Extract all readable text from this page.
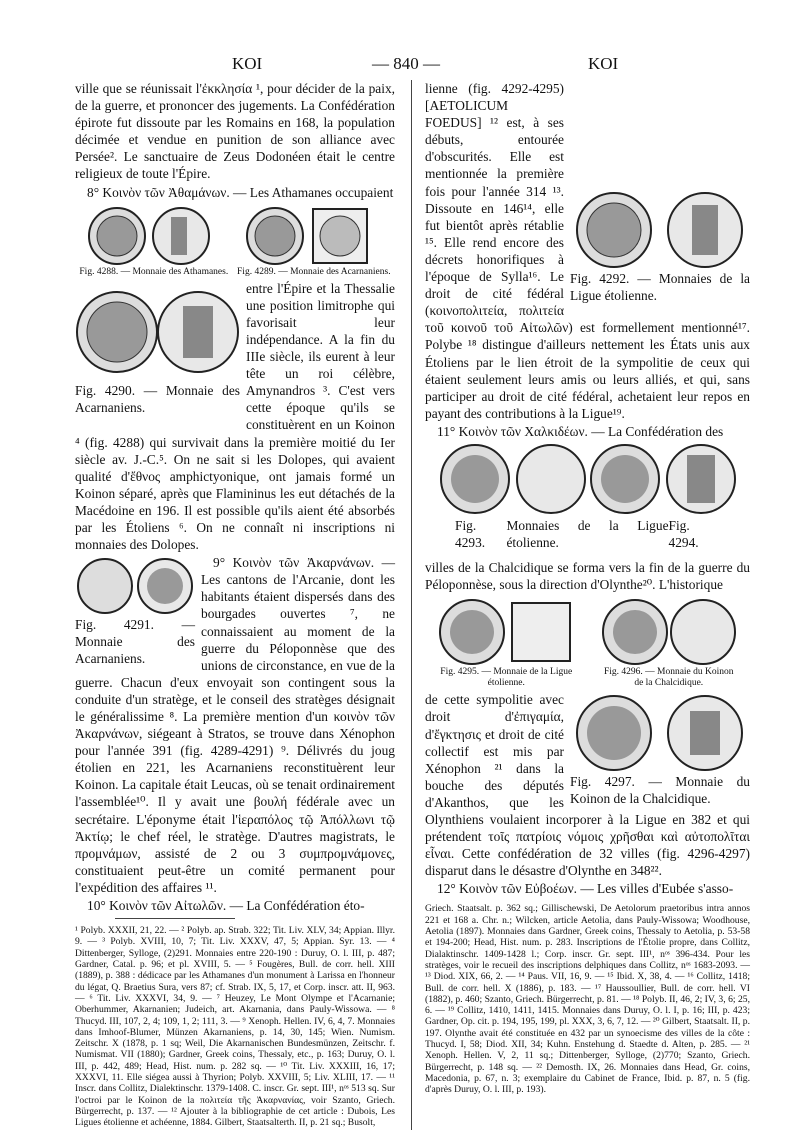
KOI	— 840 —	KOI

ville que se réunissait l'ἐκκλησία ¹, pour décider de la paix, de la guerre, et prononcer des jugements. La Confédération épirote fut dissoute par les Romains en 168, la population décimée et vendue en punition de son alliance avec Persée². Le sanctuaire de Zeus Dodonéen était le centre religieux de toute l'Épire.

8° Κοινὸν τῶν Ἀθαμάνων. — Les Athamanes occupaient

Fig. 4288. — Monnaie des Athamanes. Fig. 4289. — Monnaie des Acarnaniens.
Fig. 4290. — Monnaie des Acarnaniens.

entre l'Épire et la Thessalie une position limitrophe qui favorisait leur indépendance. A la fin du IIIe siècle, ils eurent à leur tête un roi célèbre, Amynandros ³. C'est vers cette époque qu'ils se constituèrent en un Koinon ⁴ (fig. 4288) qui survivait dans la première moitié du Ier siècle av. J.-C.⁵. On ne sait si les Dolopes, qui avaient qualité d'ἔθνος amphictyonique, ont jamais formé un Koinon séparé, après que Flamininus les eut détachés de la Macédoine en 196. Il est possible qu'ils aient été absorbés par les Étoliens ⁶. On ne connaît ni inscriptions ni monnaies des Dolopes.

Fig. 4291. — Monnaie des Acarnaniens.

9° Κοινὸν τῶν Ἀκαρνάνων. — Les cantons de l'Arcanie, dont les habitants étaient dispersés dans des bourgades ouvertes ⁷, ne connaissaient au moment de la guerre du Péloponnèse que des unions de circonstance, en vue de la guerre. Chacun d'eux envoyait son contingent sous la conduite d'un stratège, et le conseil des stratèges désignait le généralissime ⁸. La première mention d'un κοινὸν τῶν Ἀκαρνάνων, siégeant à Stratos, se trouve dans Xénophon pour l'année 391 (fig. 4289-4291) ⁹. Délivrés du joug étolien en 221, les Acarnaniens reconstituèrent leur Koinon. La capitale était Leucas, où se tenait ordinairement l'assemblée¹⁰. Il y avait une βουλή fédérale avec un secrétaire. L'éponyme était l'ἱεραπόλος τῷ Ἀπόλλωνι τῷ Ἀκτίῳ; le chef réel, le stratège. D'autres magistrats, le προμνάμων, assisté de 2 ou 3 συμπρομνάμονες, constituaient peut-être un comité permanent pour l'expédition des affaires ¹¹.

10° Κοινὸν τῶν Αἰτωλῶν. — La Confédération éto-

¹ Polyb. XXXII, 21, 22. — ² Polyb. ap. Strab. 322; Tit. Liv. XLV, 34; Appian. Illyr. 9. — ³ Polyb. XVIII, 10, 7; Tit. Liv. XXXV, 47, 5; Appian. Syr. 13. — ⁴ Dittenberger, Sylloge, (2)291. Monnaies entre 220-190 : Duruy, O. l. III, p. 487; Gardner, Catal. p. 96; et pl. XVIII, 5. — ⁵ Fougères, Bull. de corr. hell. XIII (1889), p. 388 : dédicace par les Athamanes d'un monument à Larissa en l'honneur du légat, Q. Braetius Sura, vers 87; cf. Strab. IX, 5, 17, et Corp. inscr. att. II, 963. — ⁶ Tit. Liv. XXXVI, 34, 9. — ⁷ Heuzey, Le Mont Olympe et l'Acarnanie; Oberhummer, Akarnanien; Judeich, art. Akarnania, dans Pauly-Wissowa. — ⁸ Thucyd. III, 107, 2, 4; 109, 1, 2; 111, 3. — ⁹ Xenoph. Hellen. IV, 6, 4, 7. Monnaies dans Imhoof-Blumer, Münzen Akarnaniens, p. 14, 30, 145; Wien. Numism. Zeitschr. X (1878, p. 1 sq; Weil, Die Akarnanischen Bundesmünzen, Zeitschr. f. Numismat. VII (1880); Gardner, Greek coins, Thessaly, etc., p. 163; Duruy, O. l. III, p. 442, 489; Head, Hist. num. p. 282 sq. — ¹⁰ Tit. Liv. XXXIII, 16, 17; XXXVI, 11. Elle siégea aussi à Thyrion; Polyb. XXVIII, 5; Liv. XLIII, 17. — ¹¹ Inscr. dans Collitz, Dialektinschr. 1379-1408. C. inscr. Gr. sept. III¹, nᵒˢ 513 sq. Sur l'octroi par le Koinon de la πολιτεία τῆς Ἀκαρνανίας, voir Szanto, Griech. Bürgerrecht, p. 137. — ¹² Ajouter à la bibliographie de cet article : Dubois, Les Ligues étolienne et achéenne, 1884. Gilbert, Staatsalterth. II, p. 21 sq.; Busolt,

Fig. 4292. — Monnaies de la Ligue étolienne.

lienne (fig. 4292-4295) [AETOLICUM FOEDUS] ¹² est, à ses débuts, entourée d'obscurités. Elle est mentionnée la première fois pour l'année 314 ¹³. Dissoute en 146¹⁴, elle fut bientôt après rétablie ¹⁵. Elle rend encore des décrets honorifiques à l'époque de Sylla¹⁶. Le droit de cité fédéral (κοινοπολιτεία, πολιτεία τοῦ κοινοῦ τοῦ Αἰτωλῶν) est formellement mentionné¹⁷. Polybe ¹⁸ distingue d'ailleurs nettement les États unis aux Étoliens par le lien étroit de la sympolitie de ceux qui étaient seulement leurs amis ou leurs alliés, et qui, sans participer au droit de cité fédéral, achetaient leur repos en payant des contributions à la Ligue¹⁹.

11° Κοινὸν τῶν Χαλκιδέων. — La Confédération des

Fig. 4293.
Monnaies de la Ligue étolienne.
Fig. 4294.

villes de la Chalcidique se forma vers la fin de la guerre du Péloponnèse, sous la direction d'Olynthe²⁰. L'historique

Fig. 4295. — Monnaie de la Ligue étolienne.
Fig. 4296. — Monnaie du Koinon de la Chalcidique.
Fig. 4297. — Monnaie du Koinon de la Chalcidique.

de cette sympolitie avec droit d'ἐπιγαμία, d'ἔγκτησις et droit de cité collectif est mis par Xénophon ²¹ dans la bouche des députés d'Akanthos, que les Olynthiens voulaient incorporer à la Ligue en 382 et qui prétendent τοῖς πατρίοις νόμοις χρῆσθαι καὶ αὐτοπολῖται εἶναι. Cette confédération de 32 villes (fig. 4296-4297) disparut dans le désastre d'Olynthe en 348²².

12° Κοινὸν τῶν Εὐβοέων. — Les villes d'Eubée s'asso-

Griech. Staatsalt. p. 362 sq.; Gillischewski, De Aetolorum praetoribus intra annos 221 et 168 a. Chr. n.; Wilcken, article Aetolia, dans Pauly-Wissowa; Woodhouse, Aetolia (1897). Monnaies dans Gardner, Greek coins, Thessaly to Aetolia, p. 53-58 et 194-200; Head, Hist. num. p. 283. Inscriptions de l'Étolie propre, dans Collitz, Dialaktinschr. 1409-1428 l.; Corp. inscr. Gr. sept. III¹, nᵒˢ 396-434. Pour les stratèges, voir le recueil des inscriptions delphiques dans Collitz, nᵒˢ 1683-2093. — ¹³ Diod. XIX, 66, 2. — ¹⁴ Paus. VII, 16, 9. — ¹⁵ Ibid. X, 38, 4. — ¹⁶ Collitz, 1418; Bull. de corr. hell. X (1886), p. 183. — ¹⁷ Haussoullier, Bull. de corr. hell. VI (1882), p. 460; Szanto, Griech. Bürgerrecht, p. 81. — ¹⁸ Polyb. II, 46, 2; IV, 3, 6; 25, 6. — ¹⁹ Collitz, 1410, 1411, 1415. Monnaies dans Duruy, O. l. I, p. 16; III, p. 423; Gardner, Op. cit. p. 194, 195, 199, pl. XXX, 3, 6, 7, 12. — ²⁰ Gilbert, Staatsalt. II, p. 197. Olynthe avait été constituée en 432 par un synoecisme des villes de la côte : Thucyd. I, 58; Diod. XII, 34; Kuhn. Enstehung d. Staedte d. Alten, p. 285. — ²¹ Xenoph. Hellen. V, 2, 11 sq.; Dittenberger, Sylloge, (2)770; Szanto, Griech. Bürgerrecht, p. 148 sq. — ²² Demosth. IX, 26. Monnaies dans Head, Gr. coins, Macedonia, p. 67, n. 3; exemplaire du Cabinet de France, Ibid. p. 87, n. 5 (fig. d'après Duruy, O. l. III, p. 193).
